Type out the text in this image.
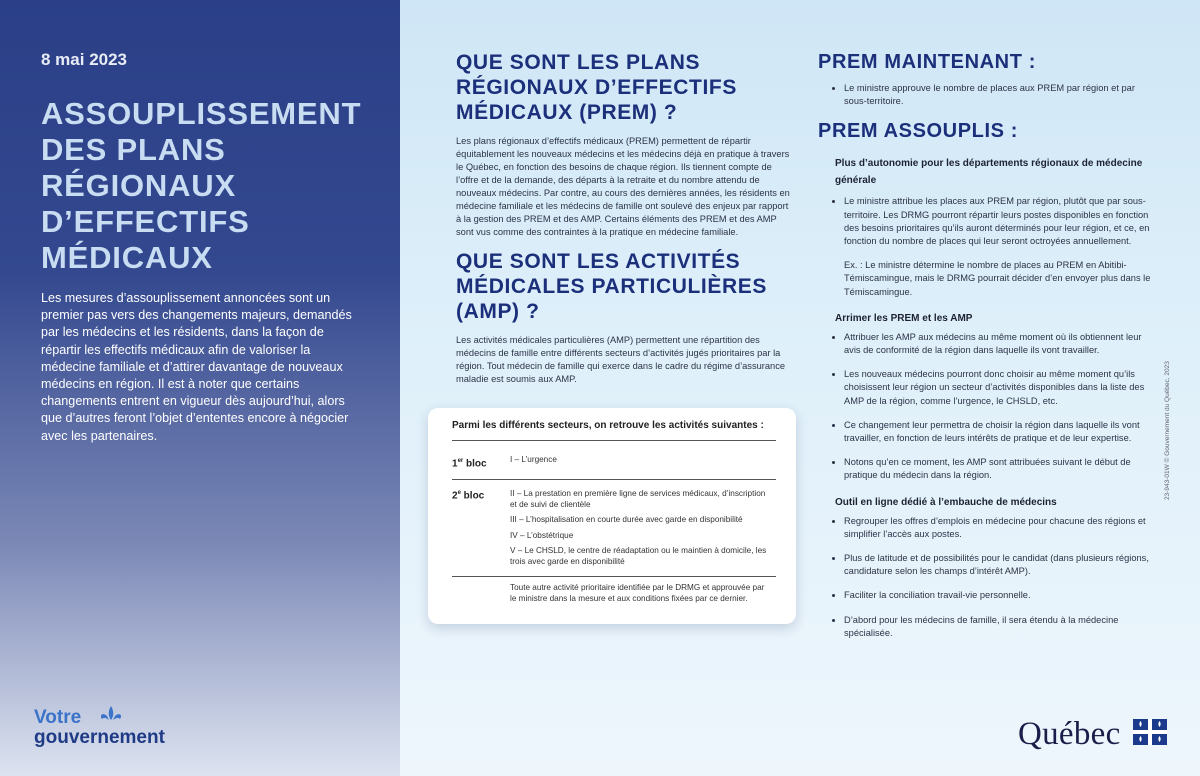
8 mai 2023
ASSOUPLISSEMENT DES PLANS RÉGIONAUX D’EFFECTIFS MÉDICAUX
Les mesures d’assouplissement annoncées sont un premier pas vers des changements majeurs, demandés par les médecins et les résidents, dans la façon de répartir les effectifs médicaux afin de valoriser la médecine familiale et d’attirer davantage de nouveaux médecins en région. Il est à noter que certains changements entrent en vigueur dès aujourd’hui, alors que d’autres feront l’objet d’ententes encore à négocier avec les partenaires.
Votre
gouvernement
QUE SONT LES PLANS RÉGIONAUX D’EFFECTIFS MÉDICAUX (PREM) ?

Les plans régionaux d’effectifs médicaux (PREM) permettent de répartir équitablement les nouveaux médecins et les médecins déjà en pratique à travers le Québec, en fonction des besoins de chaque région. Ils tiennent compte de l’offre et de la demande, des départs à la retraite et du nombre attendu de nouveaux médecins. Par contre, au cours des dernières années, les résidents en médecine familiale et les médecins de famille ont soulevé des enjeux par rapport à la gestion des PREM et des AMP. Certains éléments des PREM et des AMP sont vus comme des contraintes à la pratique en médecine familiale.

QUE SONT LES ACTIVITÉS MÉDICALES PARTICULIÈRES (AMP) ?

Les activités médicales particulières (AMP) permettent une répartition des médecins de famille entre différents secteurs d’activités jugés prioritaires par la région. Tout médecin de famille qui exerce dans le cadre du régime d’assurance maladie est soumis aux AMP.

Parmi les différents secteurs, on retrouve les activités suivantes :
1er bloc	I – L’urgence
2e bloc	II – La prestation en première ligne de services médicaux, d’inscription et de suivi de clientèle
III – L’hospitalisation en courte durée avec garde en disponibilité
IV – L’obstétrique
V – Le CHSLD, le centre de réadaptation ou le maintien à domicile, les trois avec garde en disponibilité
Toute autre activité prioritaire identifiée par le DRMG et approuvée par le ministre dans la mesure et aux conditions fixées par ce dernier.
PREM MAINTENANT :
• Le ministre approuve le nombre de places aux PREM par région et par sous-territoire.
PREM ASSOUPLIS :
Plus d’autonomie pour les départements régionaux de médecine générale
• Le ministre attribue les places aux PREM par région, plutôt que par sous-territoire. Les DRMG pourront répartir leurs postes disponibles en fonction des besoins prioritaires qu’ils auront déterminés pour leur région, et ce, en fonction du nombre de places qui leur seront octroyées annuellement.
Ex. : Le ministre détermine le nombre de places au PREM en Abitibi-Témiscamingue, mais le DRMG pourrait décider d’en envoyer plus dans le Témiscamingue.
Arrimer les PREM et les AMP
• Attribuer les AMP aux médecins au même moment où ils obtiennent leur avis de conformité de la région dans laquelle ils vont travailler.
• Les nouveaux médecins pourront donc choisir au même moment qu’ils choisissent leur région un secteur d’activités disponibles dans la liste des AMP de la région, comme l’urgence, le CHSLD, etc.
• Ce changement leur permettra de choisir la région dans laquelle ils vont travailler, en fonction de leurs intérêts de pratique et de leur expertise.
• Notons qu’en ce moment, les AMP sont attribuées suivant le début de pratique du médecin dans la région.
Outil en ligne dédié à l’embauche de médecins
• Regrouper les offres d’emplois en médecine pour chacune des régions et simplifier l’accès aux postes.
• Plus de latitude et de possibilités pour le candidat (dans plusieurs régions, candidature selon les champs d’intérêt AMP).
• Faciliter la conciliation travail-vie personnelle.
• D’abord pour les médecins de famille, il sera étendu à la médecine spécialisée.
23-943-01W © Gouvernement du Québec, 2023
Québec
